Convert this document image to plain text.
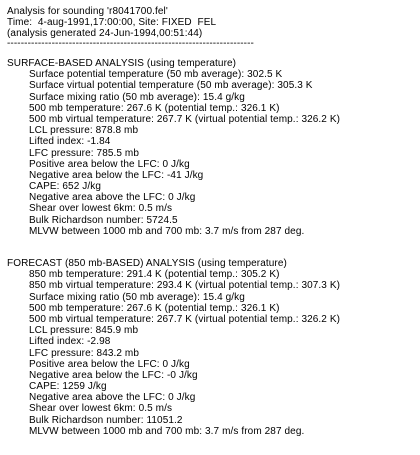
Analysis for sounding 'r8041700.fel'
Time:  4-aug-1991,17:00:00, Site: FIXED  FEL
(analysis generated 24-Jun-1994,00:51:44)
------------------------------------------------------------------------
SURFACE-BASED ANALYSIS (using temperature)
Surface potential temperature (50 mb average): 302.5 K
Surface virtual potential temperature (50 mb average): 305.3 K
Surface mixing ratio (50 mb average): 15.4 g/kg
500 mb temperature: 267.6 K (potential temp.: 326.1 K)
500 mb virtual temperature: 267.7 K (virtual potential temp.: 326.2 K)
LCL pressure: 878.8 mb
Lifted index: -1.84
LFC pressure: 785.5 mb
Positive area below the LFC: 0 J/kg
Negative area below the LFC: -41 J/kg
CAPE: 652 J/kg
Negative area above the LFC: 0 J/kg
Shear over lowest 6km: 0.5 m/s
Bulk Richardson number: 5724.5
MLVW between 1000 mb and 700 mb: 3.7 m/s from 287 deg.
FORECAST (850 mb-BASED) ANALYSIS (using temperature)
850 mb temperature: 291.4 K (potential temp.: 305.2 K)
850 mb virtual temperature: 293.4 K (virtual potential temp.: 307.3 K)
Surface mixing ratio (50 mb average): 15.4 g/kg
500 mb temperature: 267.6 K (potential temp.: 326.1 K)
500 mb virtual temperature: 267.7 K (virtual potential temp.: 326.2 K)
LCL pressure: 845.9 mb
Lifted index: -2.98
LFC pressure: 843.2 mb
Positive area below the LFC: 0 J/kg
Negative area below the LFC: -0 J/kg
CAPE: 1259 J/kg
Negative area above the LFC: 0 J/kg
Shear over lowest 6km: 0.5 m/s
Bulk Richardson number: 11051.2
MLVW between 1000 mb and 700 mb: 3.7 m/s from 287 deg.
